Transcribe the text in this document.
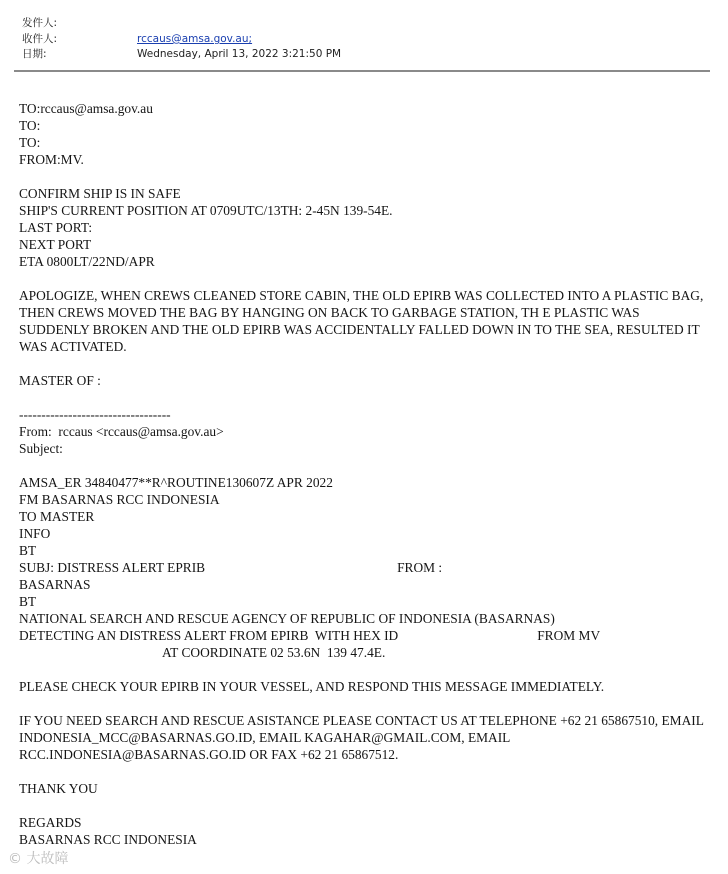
发件人:
收件人:	rccaus@amsa.gov.au;
日期:	Wednesday, April 13, 2022 3:21:50 PM
TO:rccaus@amsa.gov.au
TO:
TO:
FROM:MV.
CONFIRM SHIP IS IN SAFE
SHIP'S CURRENT POSITION AT 0709UTC/13TH: 2-45N 139-54E.
LAST PORT:
NEXT PORT
ETA 0800LT/22ND/APR
APOLOGIZE, WHEN CREWS CLEANED STORE CABIN, THE OLD EPIRB WAS COLLECTED INTO A PLASTIC BAG, THEN CREWS MOVED THE BAG BY HANGING ON BACK TO GARBAGE STATION, TH E PLASTIC WAS SUDDENLY BROKEN AND THE OLD EPIRB WAS ACCIDENTALLY FALLED DOWN IN TO THE SEA, RESULTED IT WAS ACTIVATED.
MASTER OF :
----------------------------------
From:  rccaus <rccaus@amsa.gov.au>
Subject:
AMSA_ER 34840477**R^ROUTINE130607Z APR 2022
FM BASARNAS RCC INDONESIA
TO MASTER
INFO
BT
SUBJ: DISTRESS ALERT EPRIB	FROM :
BASARNAS
BT
NATIONAL SEARCH AND RESCUE AGENCY OF REPUBLIC OF INDONESIA (BASARNAS)
DETECTING AN DISTRESS ALERT FROM EPIRB  WITH HEX ID	FROM MV
AT COORDINATE 02 53.6N  139 47.4E.
PLEASE CHECK YOUR EPIRB IN YOUR VESSEL, AND RESPOND THIS MESSAGE IMMEDIATELY.
IF YOU NEED SEARCH AND RESCUE ASISTANCE PLEASE CONTACT US AT TELEPHONE +62 21 65867510, EMAIL INDONESIA_MCC@BASARNAS.GO.ID, EMAIL KAGAHAR@GMAIL.COM, EMAIL RCC.INDONESIA@BASARNAS.GO.ID OR FAX +62 21 65867512.
THANK YOU
REGARDS
BASARNAS RCC INDONESIA
© 大故障
